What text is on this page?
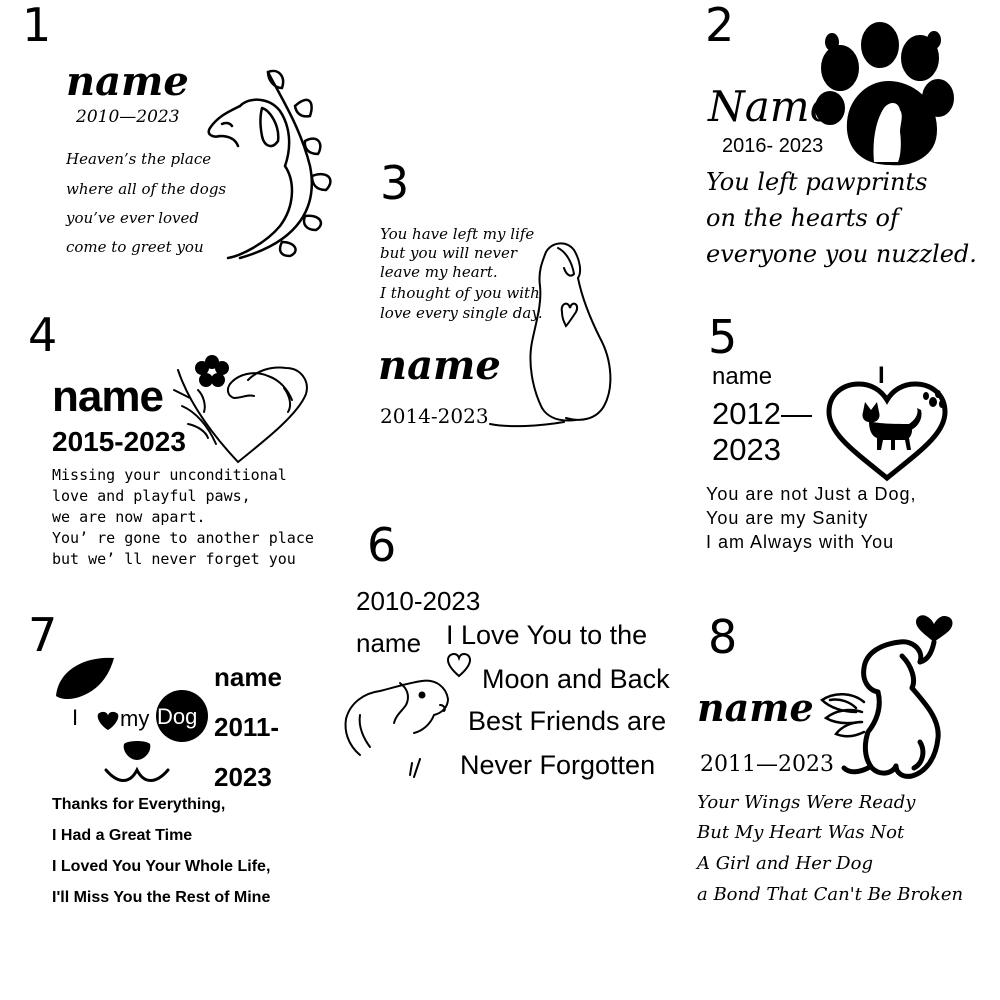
1
name
2010—2023
Heaven’s the place
where all of the dogs
you’ve ever loved
come to greet you
2
Name
2016- 2023
You left pawprints
on the hearts of
everyone you nuzzled.
3
You have left my life
but you will never
leave my heart.
I thought of you with
love every single day.
name
2014-2023
4
name
2015-2023
Missing your unconditional
love and playful paws,
we are now apart.
You’ re gone to another place
but we’ ll never forget you
5
name
2012—
2023
I
You are not Just a Dog,
You are my Sanity
I am Always with You
6
2010-2023
name I Love You to the
Moon and Back
Best Friends are
Never Forgotten
7
I my Dog
name
2011-
2023
Thanks for Everything,
I Had a Great Time
I Loved You Your Whole Life,
I'll Miss You the Rest of Mine
8
name
2011—2023
Your Wings Were Ready
But My Heart Was Not
A Girl and Her Dog
a Bond That Can't Be Broken
